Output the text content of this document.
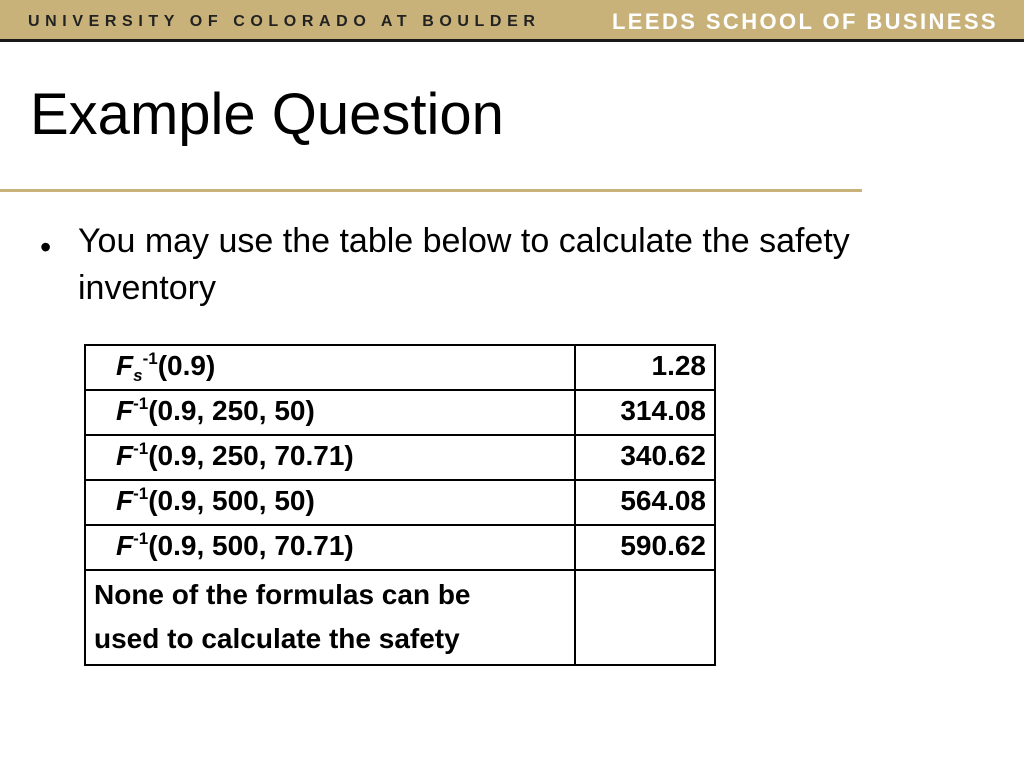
UNIVERSITY OF COLORADO AT BOULDER	LEEDS SCHOOL OF BUSINESS
Example Question
• You may use the table below to calculate the safety inventory
$F_s^{-1}(0.9)$	1.28
$F^{-1}(0.9$, 250, 50)	314.08
$F^{-1}(0.9$, 250, 70.71)	340.62
$F^{-1}(0.9$, 500, 50)	564.08
$F^{-1}(0.9$, 500, 70.71)	590.62
None of the formulas can be
used to calculate the safety	
